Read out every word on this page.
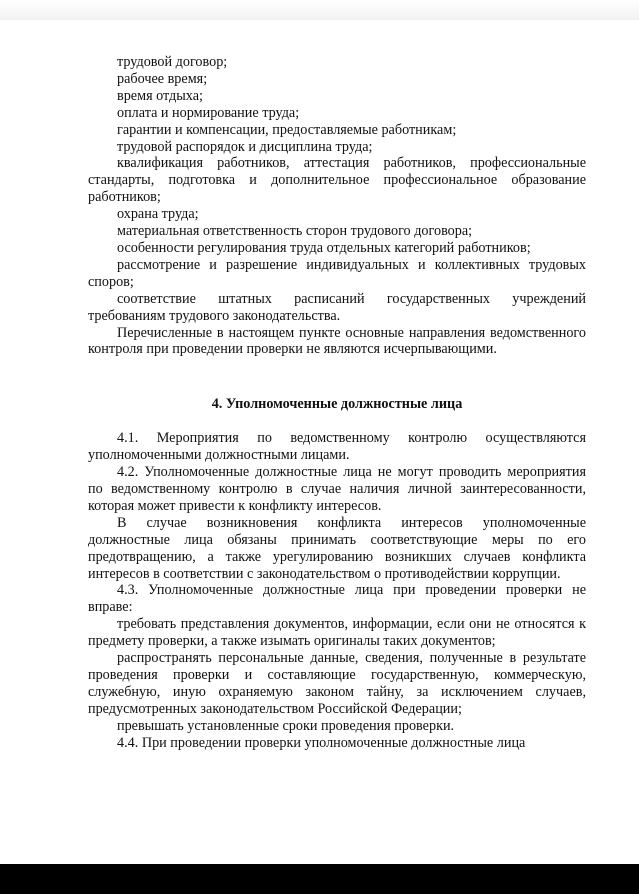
трудовой договор;

рабочее время;

время отдыха;

оплата и нормирование труда;

гарантии и компенсации, предоставляемые работникам;

трудовой распорядок и дисциплина труда;

квалификация работников, аттестация работников, профессиональные стандарты, подготовка и дополнительное профессиональное образование работников;

охрана труда;

материальная ответственность сторон трудового договора;

особенности регулирования труда отдельных категорий работников;

рассмотрение и разрешение индивидуальных и коллективных трудовых споров;

соответствие штатных расписаний государственных учреждений требованиям трудового законодательства.

Перечисленные в настоящем пункте основные направления ведомственного контроля при проведении проверки не являются исчерпывающими.

4. Уполномоченные должностные лица

4.1. Мероприятия по ведомственному контролю осуществляются уполномоченными должностными лицами.

4.2. Уполномоченные должностные лица не могут проводить мероприятия по ведомственному контролю в случае наличия личной заинтересованности, которая может привести к конфликту интересов.

В случае возникновения конфликта интересов уполномоченные должностные лица обязаны принимать соответствующие меры по его предотвращению, а также урегулированию возникших случаев конфликта интересов в соответствии с законодательством о противодействии коррупции.

4.3. Уполномоченные должностные лица при проведении проверки не вправе:

требовать представления документов, информации, если они не относятся к предмету проверки, а также изымать оригиналы таких документов;

распространять персональные данные, сведения, полученные в результате проведения проверки и составляющие государственную, коммерческую, служебную, иную охраняемую законом тайну, за исключением случаев, предусмотренных законодательством Российской Федерации;

превышать установленные сроки проведения проверки.

4.4. При проведении проверки уполномоченные должностные лица
